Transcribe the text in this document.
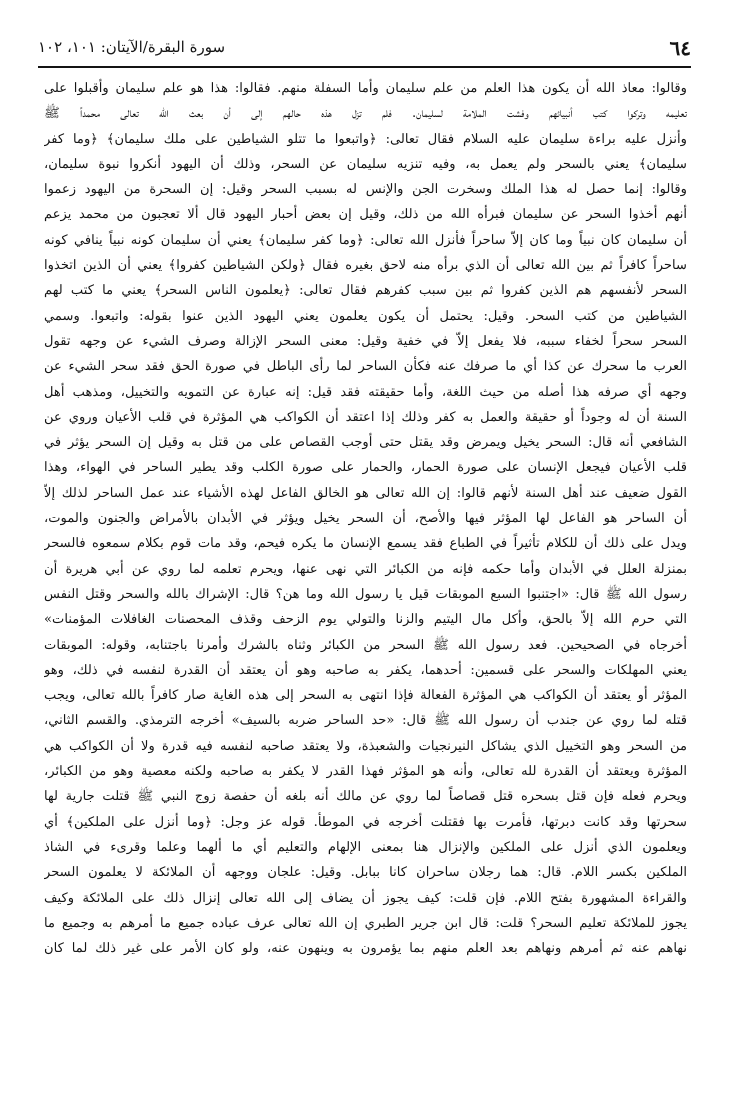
٦٤
سورة البقرة/الآيتان: ١٠١، ١٠٢
وقالوا: معاذ الله أن يكون هذا العلم من علم سليمان وأما السفلة منهم. فقالوا: هذا هو علم سليمان وأقبلوا على
تعليمه وتركوا كتب أنبيائهم وفشت الملامة لسليمان. فلم تزل هذه حالهم إلى أن بعث الله تعالى محمداً ﷺ
وأنزل عليه براءة سليمان عليه السلام فقال تعالى: ﴿واتبعوا ما تتلو الشياطين على ملك سليمان﴾ ﴿وما كفر
سليمان﴾ يعني بالسحر ولم يعمل به، وفيه تنزيه سليمان عن السحر، وذلك أن اليهود أنكروا نبوة سليمان،
وقالوا: إنما حصل له هذا الملك وسخرت الجن والإنس له بسبب السحر وقيل: إن السحرة من اليهود زعموا
أنهم أخذوا السحر عن سليمان فبرأه الله من ذلك، وقيل إن بعض أحبار اليهود قال ألا تعجبون من محمد يزعم
أن سليمان كان نبياً وما كان إلاّ ساحراً فأنزل الله تعالى: ﴿وما كفر سليمان﴾ يعني أن سليمان كونه نبياً ينافي كونه
ساحراً كافراً ثم بين الله تعالى أن الذي برأه منه لاحق بغيره فقال ﴿ولكن الشياطين كفروا﴾ يعني أن الذين اتخذوا
السحر لأنفسهم هم الذين كفروا ثم بين سبب كفرهم فقال تعالى: ﴿يعلمون الناس السحر﴾ يعني ما كتب لهم
الشياطين من كتب السحر. وقيل: يحتمل أن يكون يعلمون يعني اليهود الذين عنوا بقوله: واتبعوا. وسمي
السحر سحراً لخفاء سببه، فلا يفعل إلاّ في خفية وقيل: معنى السحر الإزالة وصرف الشيء عن وجهه تقول
العرب ما سحرك عن كذا أي ما صرفك عنه فكأن الساحر لما رأى الباطل في صورة الحق فقد سحر الشيء عن
وجهه أي صرفه هذا أصله من حيث اللغة، وأما حقيقته فقد قيل: إنه عبارة عن التمويه والتخييل، ومذهب أهل
السنة أن له وجوداً أو حقيقة والعمل به كفر وذلك إذا اعتقد أن الكواكب هي المؤثرة في قلب الأعيان وروي عن
الشافعي أنه قال: السحر يخيل ويمرض وقد يقتل حتى أوجب القصاص على من قتل به وقيل إن السحر يؤثر في
قلب الأعيان فيجعل الإنسان على صورة الحمار، والحمار على صورة الكلب وقد يطير الساحر في الهواء، وهذا
القول ضعيف عند أهل السنة لأنهم قالوا: إن الله تعالى هو الخالق الفاعل لهذه الأشياء عند عمل الساحر لذلك إلاّ
أن الساحر هو الفاعل لها المؤثر فيها والأصح، أن السحر يخيل ويؤثر في الأبدان بالأمراض والجنون والموت،
ويدل على ذلك أن للكلام تأثيراً في الطباع فقد يسمع الإنسان ما يكره فيحم، وقد مات قوم بكلام سمعوه فالسحر
بمنزلة العلل في الأبدان وأما حكمه فإنه من الكبائر التي نهى عنها، ويحرم تعلمه لما روي عن أبي هريرة أن
رسول الله ﷺ قال: «اجتنبوا السبع الموبقات قيل يا رسول الله وما هن؟ قال: الإشراك بالله والسحر وقتل النفس
التي حرم الله إلاّ بالحق، وأكل مال اليتيم والزنا والتولي يوم الزحف وقذف المحصنات الغافلات المؤمنات»
أخرجاه في الصحيحين. فعد رسول الله ﷺ السحر من الكبائر وثناه بالشرك وأمرنا باجتنابه، وقوله: الموبقات
يعني المهلكات والسحر على قسمين: أحدهما، يكفر به صاحبه وهو أن يعتقد أن القدرة لنفسه في ذلك، وهو
المؤثر أو يعتقد أن الكواكب هي المؤثرة الفعالة فإذا انتهى به السحر إلى هذه الغاية صار كافراً بالله تعالى، ويجب
قتله لما روي عن جندب أن رسول الله ﷺ قال: «حد الساحر ضربه بالسيف» أخرجه الترمذي. والقسم الثاني،
من السحر وهو التخييل الذي يشاكل النيرنجيات والشعبذة، ولا يعتقد صاحبه لنفسه فيه قدرة ولا أن الكواكب هي
المؤثرة ويعتقد أن القدرة لله تعالى، وأنه هو المؤثر فهذا القدر لا يكفر به صاحبه ولكنه معصية وهو من الكبائر،
ويحرم فعله فإن قتل بسحره قتل قصاصاً لما روي عن مالك أنه بلغه أن حفصة زوج النبي ﷺ قتلت جارية لها
سحرتها وقد كانت دبرتها، فأمرت بها فقتلت أخرجه في الموطأ. قوله عز وجل: ﴿وما أنزل على الملكين﴾ أي
ويعلمون الذي أنزل على الملكين والإنزال هنا بمعنى الإلهام والتعليم أي ما ألهما وعلما وقرىء في الشاذ
الملكين بكسر اللام. قال: هما رجلان ساحران كانا ببابل. وقيل: علجان ووجهه أن الملائكة لا يعلمون السحر
والقراءة المشهورة بفتح اللام. فإن قلت: كيف يجوز أن يضاف إلى الله تعالى إنزال ذلك على الملائكة وكيف
يجوز للملائكة تعليم السحر؟ قلت: قال ابن جرير الطبري إن الله تعالى عرف عباده جميع ما أمرهم به وجميع ما
نهاهم عنه ثم أمرهم ونهاهم بعد العلم منهم بما يؤمرون به وينهون عنه، ولو كان الأمر على غير ذلك لما كان
